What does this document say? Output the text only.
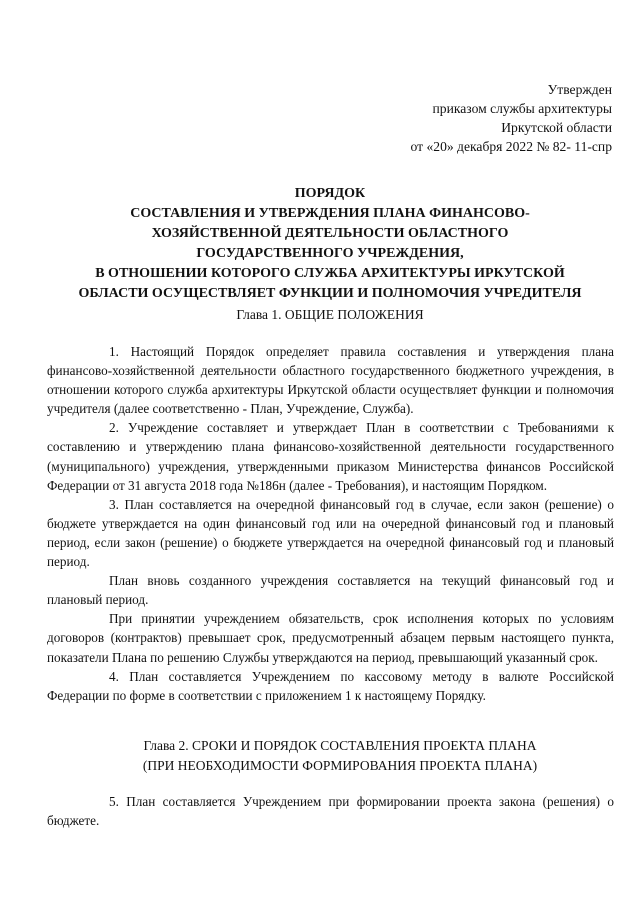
Утвержден
приказом службы архитектуры
Иркутской области
от «20» декабря 2022 № 82- 11-спр
ПОРЯДОК
СОСТАВЛЕНИЯ И УТВЕРЖДЕНИЯ ПЛАНА ФИНАНСОВО-
ХОЗЯЙСТВЕННОЙ ДЕЯТЕЛЬНОСТИ ОБЛАСТНОГО
ГОСУДАРСТВЕННОГО УЧРЕЖДЕНИЯ,
В ОТНОШЕНИИ КОТОРОГО СЛУЖБА АРХИТЕКТУРЫ ИРКУТСКОЙ
ОБЛАСТИ ОСУЩЕСТВЛЯЕТ ФУНКЦИИ И ПОЛНОМОЧИЯ УЧРЕДИТЕЛЯ
Глава 1. ОБЩИЕ ПОЛОЖЕНИЯ

1. Настоящий Порядок определяет правила составления и утверждения плана финансово-хозяйственной деятельности областного государственного бюджетного учреждения, в отношении которого служба архитектуры Иркутской области осуществляет функции и полномочия учредителя (далее соответственно - План, Учреждение, Служба).

2. Учреждение составляет и утверждает План в соответствии с Требованиями к составлению и утверждению плана финансово-хозяйственной деятельности государственного (муниципального) учреждения, утвержденными приказом Министерства финансов Российской Федерации от 31 августа 2018 года №186н (далее - Требования), и настоящим Порядком.

3. План составляется на очередной финансовый год в случае, если закон (решение) о бюджете утверждается на один финансовый год или на очередной финансовый год и плановый период, если закон (решение) о бюджете утверждается на очередной финансовый год и плановый период.

План вновь созданного учреждения составляется на текущий финансовый год и плановый период.

При принятии учреждением обязательств, срок исполнения которых по условиям договоров (контрактов) превышает срок, предусмотренный абзацем первым настоящего пункта, показатели Плана по решению Службы утверждаются на период, превышающий указанный срок.

4. План составляется Учреждением по кассовому методу в валюте Российской Федерации по форме в соответствии с приложением 1 к настоящему Порядку.

Глава 2. СРОКИ И ПОРЯДОК СОСТАВЛЕНИЯ ПРОЕКТА ПЛАНА
(ПРИ НЕОБХОДИМОСТИ ФОРМИРОВАНИЯ ПРОЕКТА ПЛАНА)

5. План составляется Учреждением при формировании проекта закона (решения) о бюджете.
